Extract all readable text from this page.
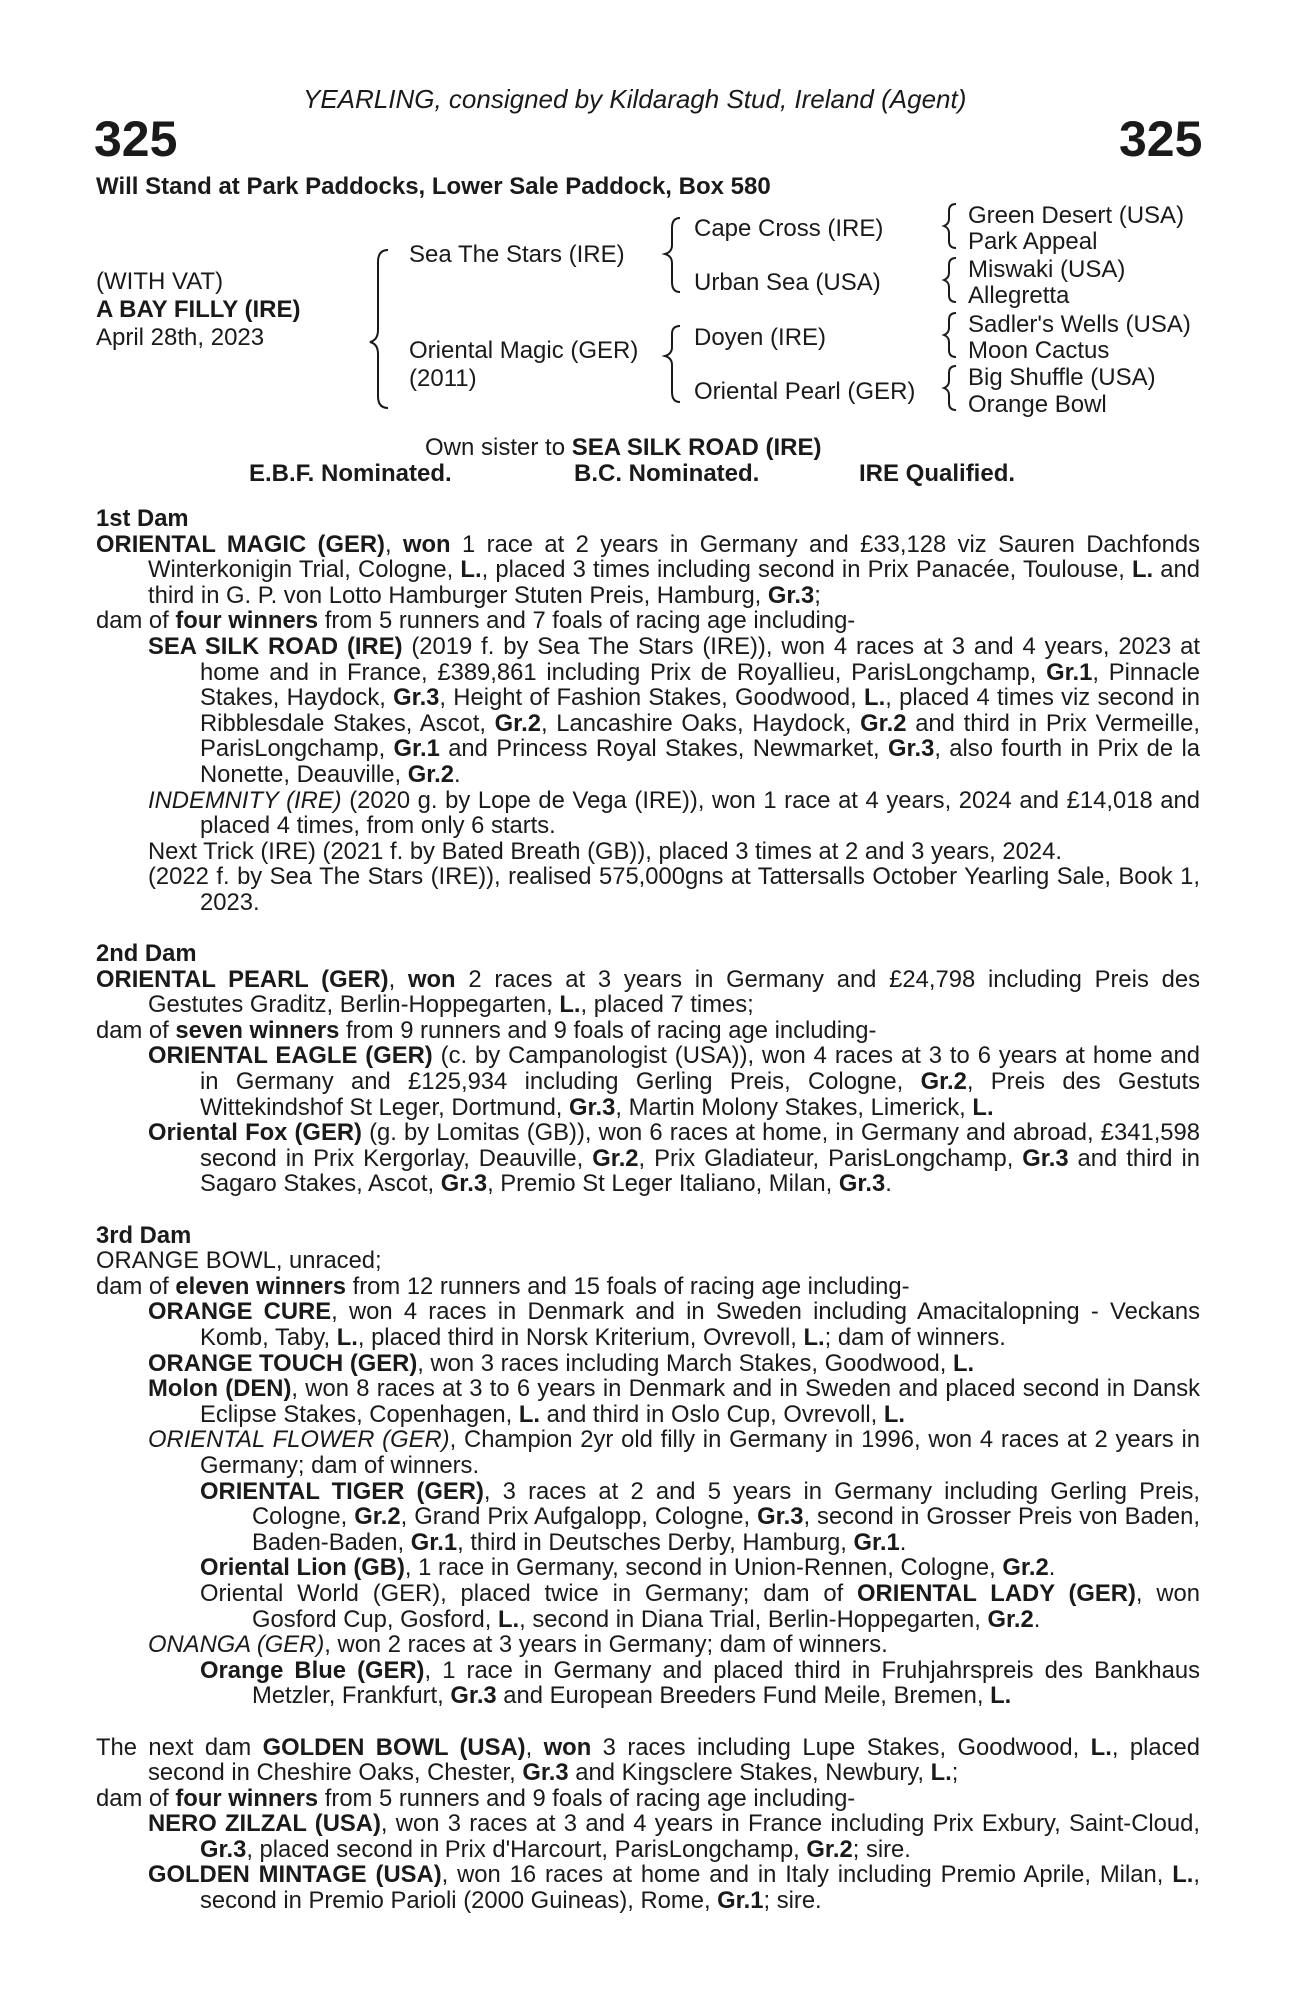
YEARLING, consigned by Kildaragh Stud, Ireland (Agent)
325	325
Will Stand at Park Paddocks, Lower Sale Paddock, Box 580
(WITH VAT)
A BAY FILLY (IRE)
April 28th, 2023
Sea The Stars (IRE)
Oriental Magic (GER)
(2011)
Cape Cross (IRE)
Urban Sea (USA)
Doyen (IRE)
Oriental Pearl (GER)
Green Desert (USA)
Park Appeal
Miswaki (USA)
Allegretta
Sadler's Wells (USA)
Moon Cactus
Big Shuffle (USA)
Orange Bowl
Own sister to SEA SILK ROAD (IRE)
E.B.F. Nominated.	B.C. Nominated.	IRE Qualified.
1st Dam
ORIENTAL MAGIC (GER), won 1 race at 2 years in Germany and £33,128 viz Sauren Dachfonds Winterkonigin Trial, Cologne, L., placed 3 times including second in Prix Panacée, Toulouse, L. and third in G. P. von Lotto Hamburger Stuten Preis, Hamburg, Gr.3;
dam of four winners from 5 runners and 7 foals of racing age including-
SEA SILK ROAD (IRE) (2019 f. by Sea The Stars (IRE)), won 4 races at 3 and 4 years, 2023 at home and in France, £389,861 including Prix de Royallieu, ParisLongchamp, Gr.1, Pinnacle Stakes, Haydock, Gr.3, Height of Fashion Stakes, Goodwood, L., placed 4 times viz second in Ribblesdale Stakes, Ascot, Gr.2, Lancashire Oaks, Haydock, Gr.2 and third in Prix Vermeille, ParisLongchamp, Gr.1 and Princess Royal Stakes, Newmarket, Gr.3, also fourth in Prix de la Nonette, Deauville, Gr.2.
INDEMNITY (IRE) (2020 g. by Lope de Vega (IRE)), won 1 race at 4 years, 2024 and £14,018 and placed 4 times, from only 6 starts.
Next Trick (IRE) (2021 f. by Bated Breath (GB)), placed 3 times at 2 and 3 years, 2024.
(2022 f. by Sea The Stars (IRE)), realised 575,000gns at Tattersalls October Yearling Sale, Book 1, 2023.
2nd Dam
ORIENTAL PEARL (GER), won 2 races at 3 years in Germany and £24,798 including Preis des Gestutes Graditz, Berlin-Hoppegarten, L., placed 7 times;
dam of seven winners from 9 runners and 9 foals of racing age including-
ORIENTAL EAGLE (GER) (c. by Campanologist (USA)), won 4 races at 3 to 6 years at home and in Germany and £125,934 including Gerling Preis, Cologne, Gr.2, Preis des Gestuts Wittekindshof St Leger, Dortmund, Gr.3, Martin Molony Stakes, Limerick, L.
Oriental Fox (GER) (g. by Lomitas (GB)), won 6 races at home, in Germany and abroad, £341,598 second in Prix Kergorlay, Deauville, Gr.2, Prix Gladiateur, ParisLongchamp, Gr.3 and third in Sagaro Stakes, Ascot, Gr.3, Premio St Leger Italiano, Milan, Gr.3.
3rd Dam
ORANGE BOWL, unraced;
dam of eleven winners from 12 runners and 15 foals of racing age including-
ORANGE CURE, won 4 races in Denmark and in Sweden including Amacitalopning - Veckans Komb, Taby, L., placed third in Norsk Kriterium, Ovrevoll, L.; dam of winners.
ORANGE TOUCH (GER), won 3 races including March Stakes, Goodwood, L.
Molon (DEN), won 8 races at 3 to 6 years in Denmark and in Sweden and placed second in Dansk Eclipse Stakes, Copenhagen, L. and third in Oslo Cup, Ovrevoll, L.
ORIENTAL FLOWER (GER), Champion 2yr old filly in Germany in 1996, won 4 races at 2 years in Germany; dam of winners.
ORIENTAL TIGER (GER), 3 races at 2 and 5 years in Germany including Gerling Preis, Cologne, Gr.2, Grand Prix Aufgalopp, Cologne, Gr.3, second in Grosser Preis von Baden, Baden-Baden, Gr.1, third in Deutsches Derby, Hamburg, Gr.1.
Oriental Lion (GB), 1 race in Germany, second in Union-Rennen, Cologne, Gr.2.
Oriental World (GER), placed twice in Germany; dam of ORIENTAL LADY (GER), won Gosford Cup, Gosford, L., second in Diana Trial, Berlin-Hoppegarten, Gr.2.
ONANGA (GER), won 2 races at 3 years in Germany; dam of winners.
Orange Blue (GER), 1 race in Germany and placed third in Fruhjahrspreis des Bankhaus Metzler, Frankfurt, Gr.3 and European Breeders Fund Meile, Bremen, L.
The next dam GOLDEN BOWL (USA), won 3 races including Lupe Stakes, Goodwood, L., placed second in Cheshire Oaks, Chester, Gr.3 and Kingsclere Stakes, Newbury, L.;
dam of four winners from 5 runners and 9 foals of racing age including-
NERO ZILZAL (USA), won 3 races at 3 and 4 years in France including Prix Exbury, Saint-Cloud, Gr.3, placed second in Prix d'Harcourt, ParisLongchamp, Gr.2; sire.
GOLDEN MINTAGE (USA), won 16 races at home and in Italy including Premio Aprile, Milan, L., second in Premio Parioli (2000 Guineas), Rome, Gr.1; sire.
